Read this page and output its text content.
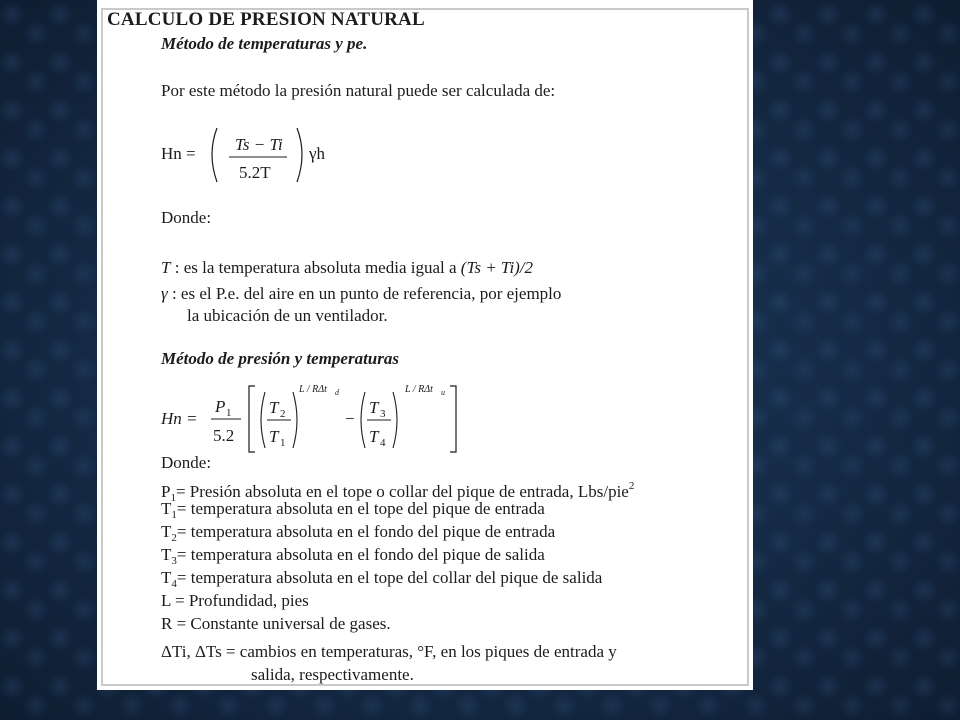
CALCULO DE PRESION NATURAL
Método de temperaturas y pe.
Por este método la presión natural puede ser calculada de:
Hn = Ts − Ti
5.2T
γh
Donde:
T : es la temperatura absoluta media igual a (Ts + Ti)/2
γ : es el P.e. del aire en un punto de referencia, por ejemplo
la ubicación de un ventilador.
Método de presión y temperaturas
Hn =
P 1
5.2
T 2
T 1
L / RΔt d
−
T 3
T 4
L / RΔt u
Donde:
$P_1=$ Presión absoluta en el tope o collar del pique de entrada, Lbs/pie$^2$
$T_1=$ temperatura absoluta en el tope del pique de entrada
$T_2=$ temperatura absoluta en el fondo del pique de entrada
$T_3=$ temperatura absoluta en el fondo del pique de salida
$T_4=$ temperatura absoluta en el tope del collar del pique de salida
L = Profundidad, pies
R = Constante universal de gases.
ΔTi, ΔTs = cambios en temperaturas, °F, en los piques de entrada y
salida, respectivamente.
